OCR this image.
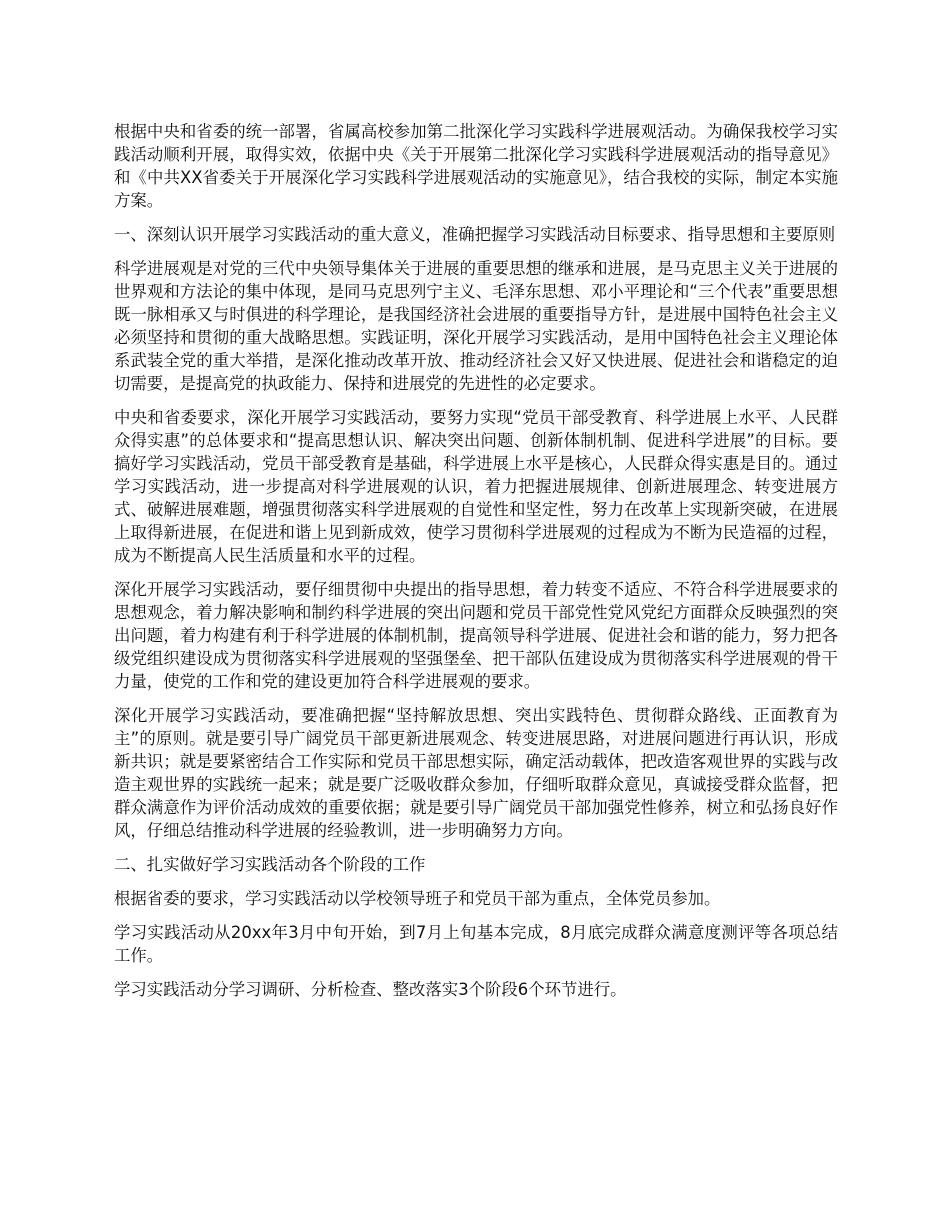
根据中央和省委的统一部署，省属高校参加第二批深化学习实践科学进展观活动。为确保我校学习实践活动顺利开展，取得实效，依据中央《关于开展第二批深化学习实践科学进展观活动的指导意见》和《中共XX省委关于开展深化学习实践科学进展观活动的实施意见》，结合我校的实际，制定本实施方案。

一、深刻认识开展学习实践活动的重大意义，准确把握学习实践活动目标要求、指导思想和主要原则

科学进展观是对党的三代中央领导集体关于进展的重要思想的继承和进展，是马克思主义关于进展的世界观和方法论的集中体现，是同马克思列宁主义、毛泽东思想、邓小平理论和“三个代表”重要思想既一脉相承又与时俱进的科学理论，是我国经济社会进展的重要指导方针，是进展中国特色社会主义必须坚持和贯彻的重大战略思想。实践证明，深化开展学习实践活动，是用中国特色社会主义理论体系武装全党的重大举措，是深化推动改革开放、推动经济社会又好又快进展、促进社会和谐稳定的迫切需要，是提高党的执政能力、保持和进展党的先进性的必定要求。

中央和省委要求，深化开展学习实践活动，要努力实现“党员干部受教育、科学进展上水平、人民群众得实惠”的总体要求和“提高思想认识、解决突出问题、创新体制机制、促进科学进展”的目标。要搞好学习实践活动，党员干部受教育是基础，科学进展上水平是核心，人民群众得实惠是目的。通过学习实践活动，进一步提高对科学进展观的认识，着力把握进展规律、创新进展理念、转变进展方式、破解进展难题，增强贯彻落实科学进展观的自觉性和坚定性，努力在改革上实现新突破，在进展上取得新进展，在促进和谐上见到新成效，使学习贯彻科学进展观的过程成为不断为民造福的过程，成为不断提高人民生活质量和水平的过程。

深化开展学习实践活动，要仔细贯彻中央提出的指导思想，着力转变不适应、不符合科学进展要求的思想观念，着力解决影响和制约科学进展的突出问题和党员干部党性党风党纪方面群众反映强烈的突出问题，着力构建有利于科学进展的体制机制，提高领导科学进展、促进社会和谐的能力，努力把各级党组织建设成为贯彻落实科学进展观的坚强堡垒、把干部队伍建设成为贯彻落实科学进展观的骨干力量，使党的工作和党的建设更加符合科学进展观的要求。

深化开展学习实践活动，要准确把握“坚持解放思想、突出实践特色、贯彻群众路线、正面教育为主”的原则。就是要引导广阔党员干部更新进展观念、转变进展思路，对进展问题进行再认识，形成新共识；就是要紧密结合工作实际和党员干部思想实际，确定活动载体，把改造客观世界的实践与改造主观世界的实践统一起来；就是要广泛吸收群众参加，仔细听取群众意见，真诚接受群众监督，把群众满意作为评价活动成效的重要依据；就是要引导广阔党员干部加强党性修养，树立和弘扬良好作风，仔细总结推动科学进展的经验教训，进一步明确努力方向。

二、扎实做好学习实践活动各个阶段的工作

根据省委的要求，学习实践活动以学校领导班子和党员干部为重点，全体党员参加。

学习实践活动从20xx年3月中旬开始，到7月上旬基本完成，8月底完成群众满意度测评等各项总结工作。

学习实践活动分学习调研、分析检查、整改落实3个阶段6个环节进行。
